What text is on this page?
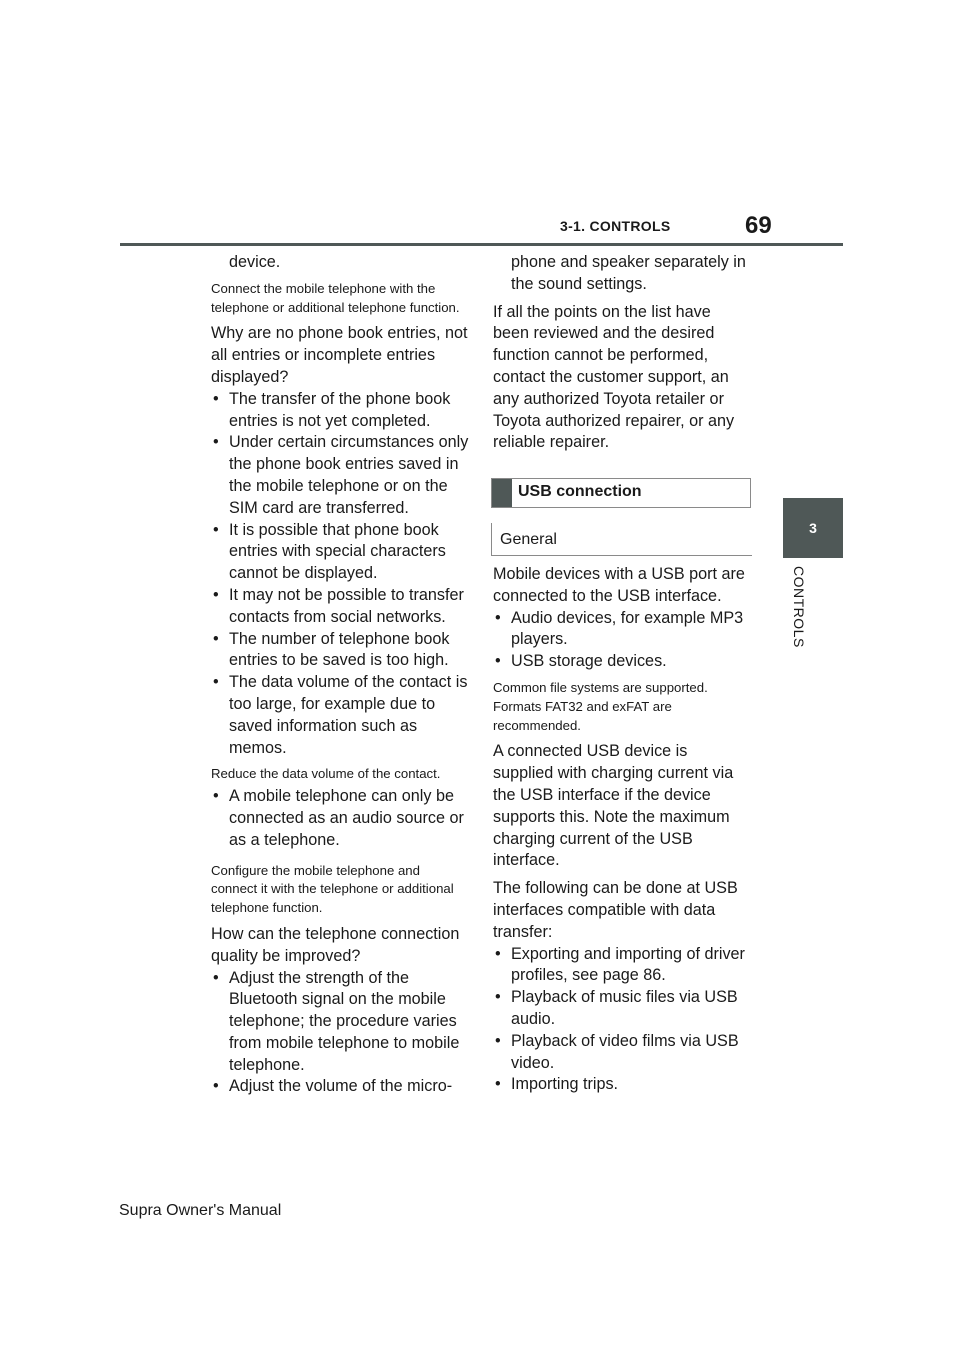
3-1. CONTROLS	69
3
CONTROLS

device.

Connect the mobile telephone with the telephone or additional telephone function.

Why are no phone book entries, not all entries or incomplete entries displayed?

• The transfer of the phone book entries is not yet completed.
• Under certain circumstances only the phone book entries saved in the mobile telephone or on the SIM card are transferred.
• It is possible that phone book entries with special characters cannot be displayed.
• It may not be possible to transfer contacts from social networks.
• The number of telephone book entries to be saved is too high.
• The data volume of the contact is too large, for example due to saved information such as memos.

Reduce the data volume of the contact.

• A mobile telephone can only be connected as an audio source or as a telephone.

Configure the mobile telephone and connect it with the telephone or additional telephone function.

How can the telephone connection quality be improved?

• Adjust the strength of the Bluetooth signal on the mobile telephone; the procedure varies from mobile telephone to mobile telephone.
• Adjust the volume of the micro-

phone and speaker separately in the sound settings.

If all the points on the list have been reviewed and the desired function cannot be performed, contact the customer support, an any authorized Toyota retailer or Toyota authorized repairer, or any reliable repairer.

USB connection
General

Mobile devices with a USB port are connected to the USB interface.

• Audio devices, for example MP3 players.
• USB storage devices.

Common file systems are supported. Formats FAT32 and exFAT are recommended.

A connected USB device is supplied with charging current via the USB interface if the device supports this. Note the maximum charging current of the USB interface.

The following can be done at USB interfaces compatible with data transfer:

• Exporting and importing of driver profiles, see page 86.
• Playback of music files via USB audio.
• Playback of video films via USB video.
• Importing trips.
Supra Owner's Manual
